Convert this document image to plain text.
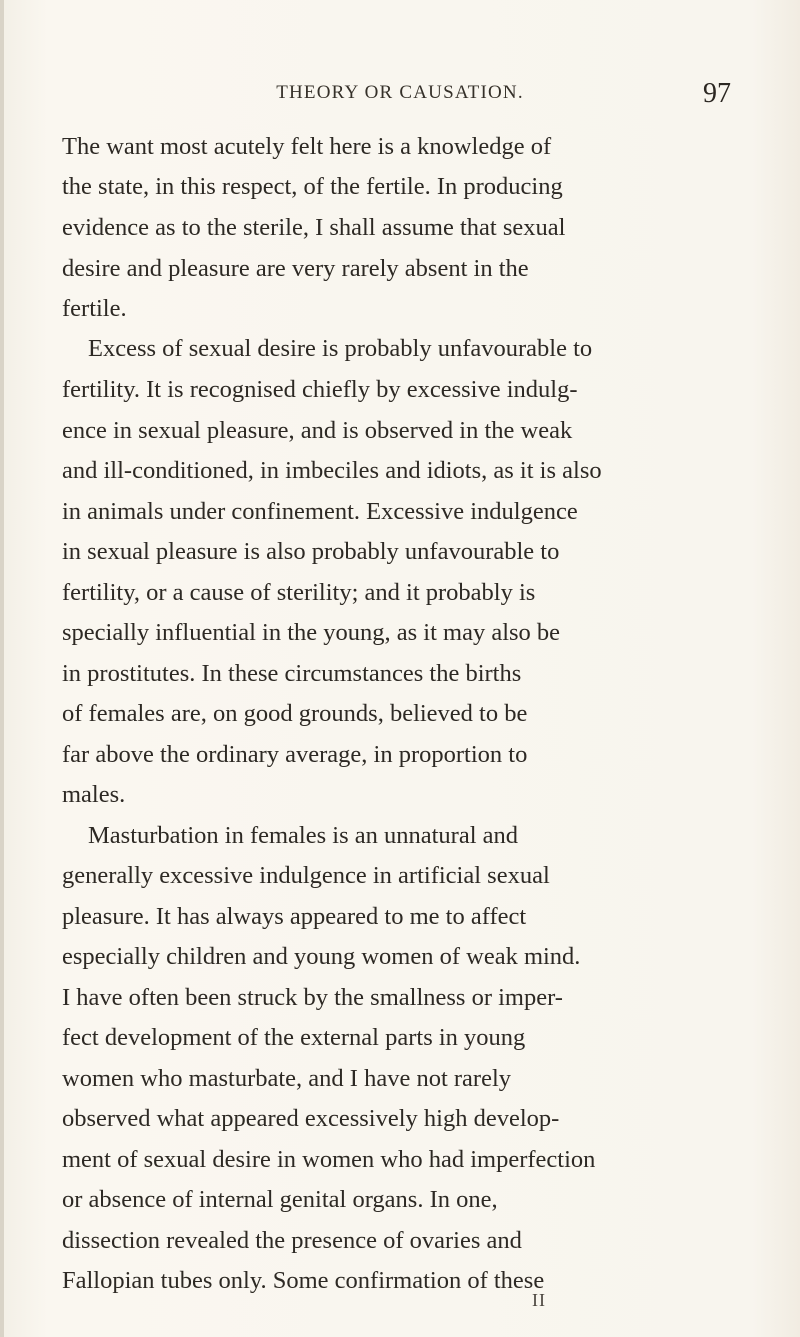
THEORY OR CAUSATION.	97
The want most acutely felt here is a knowledge of
the state, in this respect, of the fertile. In producing
evidence as to the sterile, I shall assume that sexual
desire and pleasure are very rarely absent in the
fertile.
Excess of sexual desire is probably unfavourable to
fertility. It is recognised chiefly by excessive indulg-
ence in sexual pleasure, and is observed in the weak
and ill-conditioned, in imbeciles and idiots, as it is also
in animals under confinement. Excessive indulgence
in sexual pleasure is also probably unfavourable to
fertility, or a cause of sterility; and it probably is
specially influential in the young, as it may also be
in prostitutes. In these circumstances the births
of females are, on good grounds, believed to be
far above the ordinary average, in proportion to
males.
Masturbation in females is an unnatural and
generally excessive indulgence in artificial sexual
pleasure. It has always appeared to me to affect
especially children and young women of weak mind.
I have often been struck by the smallness or imper-
fect development of the external parts in young
women who masturbate, and I have not rarely
observed what appeared excessively high develop-
ment of sexual desire in women who had imperfection
or absence of internal genital organs. In one,
dissection revealed the presence of ovaries and
Fallopian tubes only. Some confirmation of these
II
